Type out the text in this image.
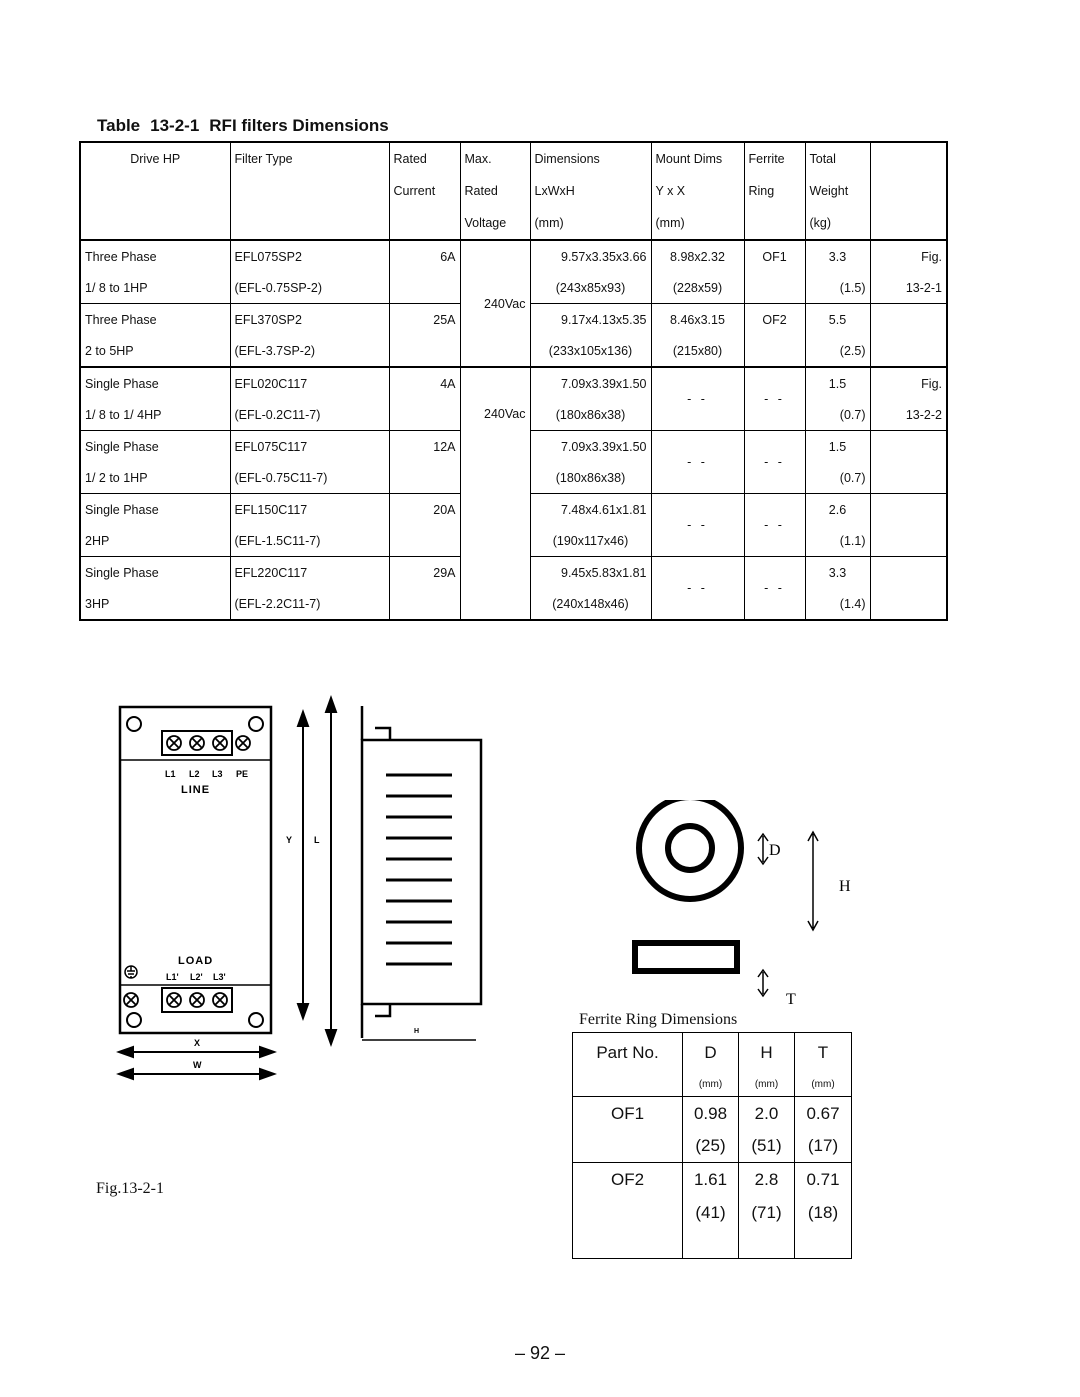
Table 13-2-1 RFI filters Dimensions
Drive HP	Filter Type	Rated	Max.	Dimensions	Mount Dims	Ferrite	Total	
		Current	Rated	LxWxH	Y x X	Ring	Weight	
			Voltage	(mm)	(mm)		(kg)	
Three Phase	EFL075SP2	6A	240Vac	9.57x3.35x3.66	8.98x2.32	OF1	3.3	Fig.
1/ 8 to 1HP	(EFL-0.75SP-2)			(243x85x93)	(228x59)		(1.5)	13-2-1
Three Phase	EFL370SP2	25A		9.17x4.13x5.35	8.46x3.15	OF2	5.5	
2 to 5HP	(EFL-3.7SP-2)			(233x105x136)	(215x80)		(2.5)	
Single Phase	EFL020C117	4A	240Vac	7.09x3.39x1.50	- -	- -	1.5	Fig.
1/ 8 to 1/ 4HP	(EFL-0.2C11-7)			(180x86x38)			(0.7)	13-2-2
Single Phase	EFL075C117	12A		7.09x3.39x1.50	- -	- -	1.5	
1/ 2 to 1HP	(EFL-0.75C11-7)			(180x86x38)			(0.7)	
Single Phase	EFL150C117	20A		7.48x4.61x1.81	- -	- -	2.6	
2HP	(EFL-1.5C11-7)			(190x117x46)			(1.1)	
Single Phase	EFL220C117	29A		9.45x5.83x1.81	- -	- -	3.3	
3HP	(EFL-2.2C11-7)			(240x148x46)			(1.4)	
L1 L2 L3 PE
LINE
LOAD
L1' L2' L3'
Y L
X
W
H
Fig.13-2-1
D
H
T
Ferrite Ring Dimensions
Part No.	D	H	T
	(mm)	(mm)	(mm)
OF1	0.98	2.0	0.67
	(25)	(51)	(17)
OF2	1.61	2.8	0.71
	(41)	(71)	(18)

– 92 –
